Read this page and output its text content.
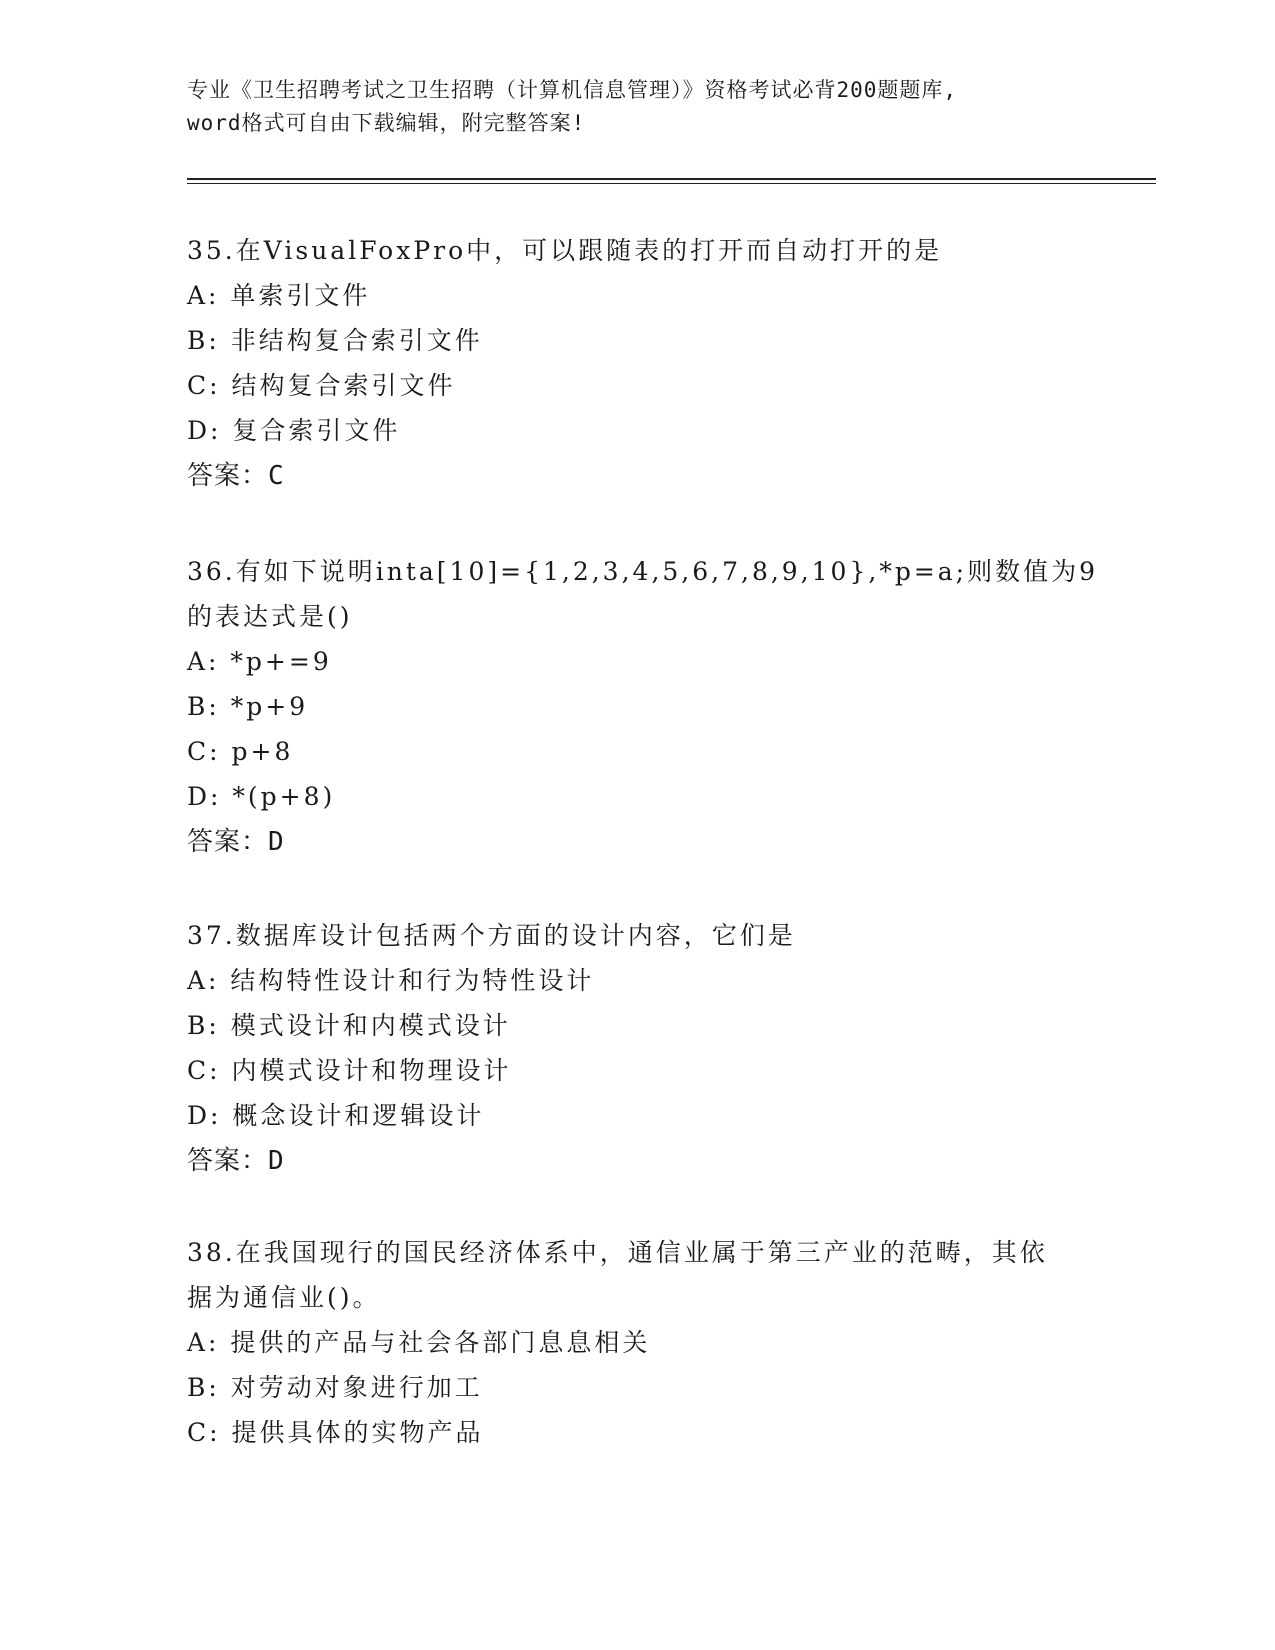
专业《卫生招聘考试之卫生招聘（计算机信息管理）》资格考试必背200题题库,
word格式可自由下载编辑，附完整答案!
35.在VisualFoxPro中，可以跟随表的打开而自动打开的是
A: 单索引文件
B: 非结构复合索引文件
C: 结构复合索引文件
D: 复合索引文件
答案：C
36.有如下说明inta[10]={1,2,3,4,5,6,7,8,9,10},*p=a;则数值为9
的表达式是()
A: *p+=9
B: *p+9
C: p+8
D: *(p+8)
答案：D
37.数据库设计包括两个方面的设计内容，它们是
A: 结构特性设计和行为特性设计
B: 模式设计和内模式设计
C: 内模式设计和物理设计
D: 概念设计和逻辑设计
答案：D
38.在我国现行的国民经济体系中，通信业属于第三产业的范畴，其依
据为通信业()。
A: 提供的产品与社会各部门息息相关
B: 对劳动对象进行加工
C: 提供具体的实物产品
